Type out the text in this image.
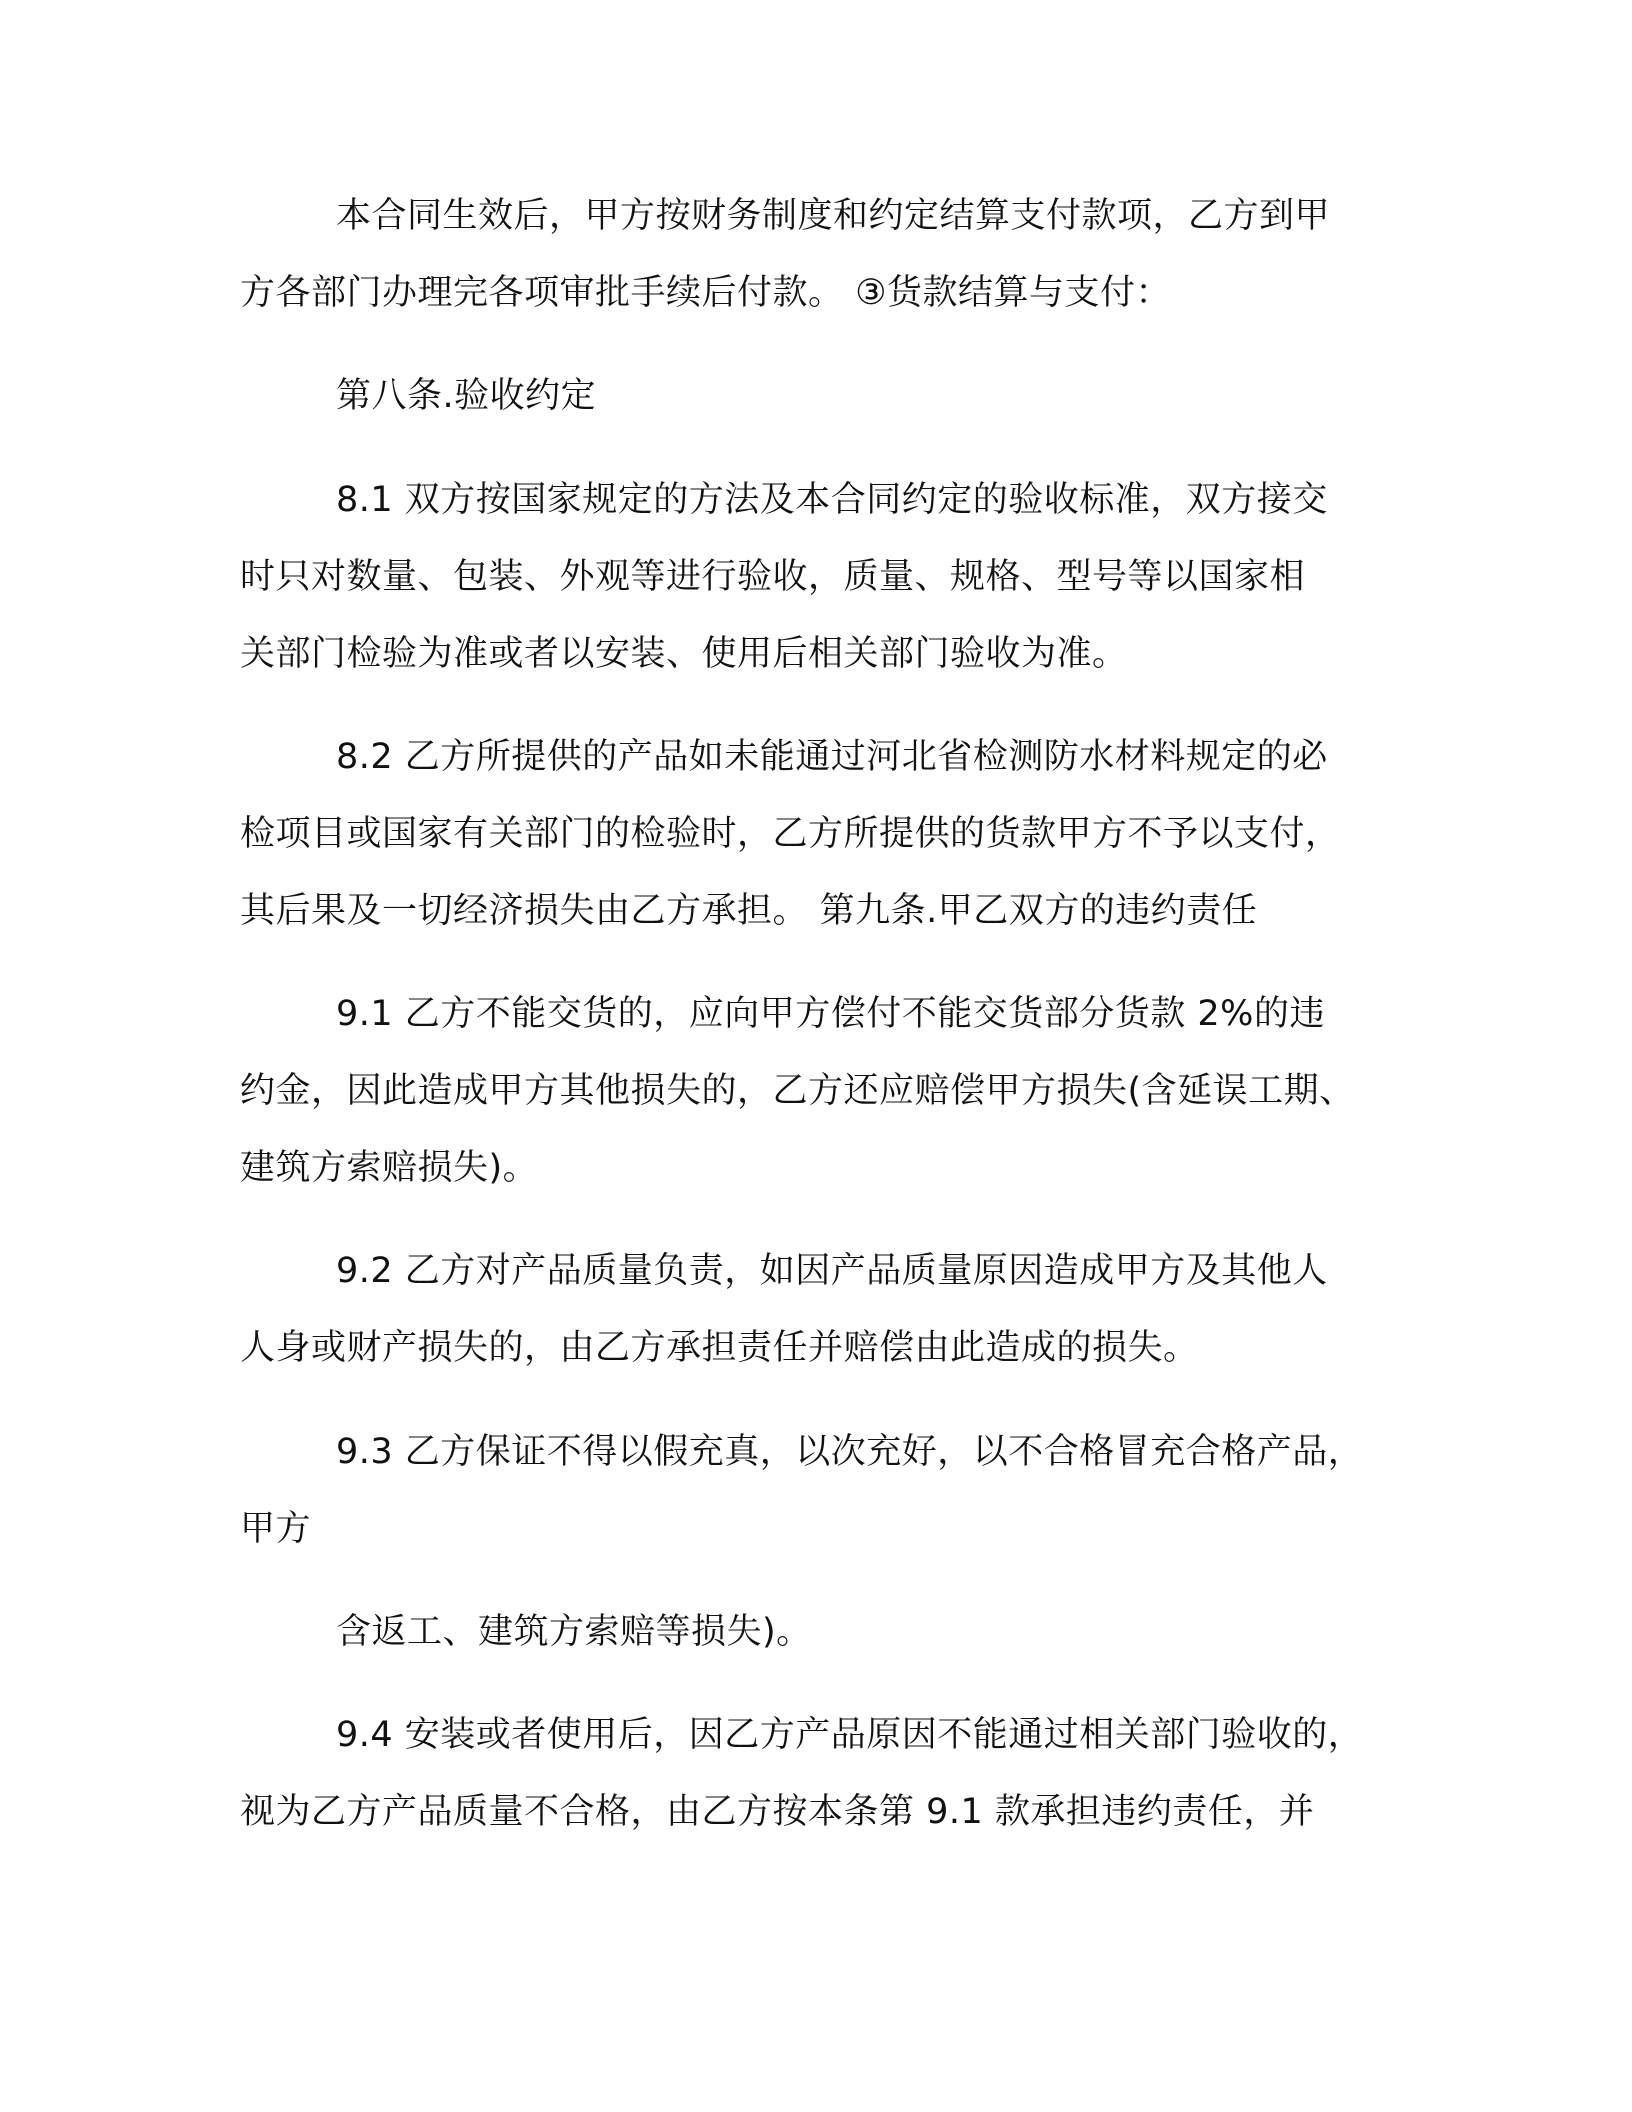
本合同生效后，甲方按财务制度和约定结算支付款项，乙方到甲
方各部门办理完各项审批手续后付款。 ③货款结算与支付：
第八条.验收约定
8.1 双方按国家规定的方法及本合同约定的验收标准，双方接交
时只对数量、包装、外观等进行验收，质量、规格、型号等以国家相
关部门检验为准或者以安装、使用后相关部门验收为准。
8.2 乙方所提供的产品如未能通过河北省检测防水材料规定的必
检项目或国家有关部门的检验时，乙方所提供的货款甲方不予以支付，
其后果及一切经济损失由乙方承担。 第九条.甲乙双方的违约责任
9.1 乙方不能交货的，应向甲方偿付不能交货部分货款 2%的违
约金，因此造成甲方其他损失的，乙方还应赔偿甲方损失(含延误工期、
建筑方索赔损失)。
9.2 乙方对产品质量负责，如因产品质量原因造成甲方及其他人
人身或财产损失的，由乙方承担责任并赔偿由此造成的损失。
9.3 乙方保证不得以假充真，以次充好，以不合格冒充合格产品，
甲方
含返工、建筑方索赔等损失)。
9.4 安装或者使用后，因乙方产品原因不能通过相关部门验收的，
视为乙方产品质量不合格，由乙方按本条第 9.1 款承担违约责任，并
